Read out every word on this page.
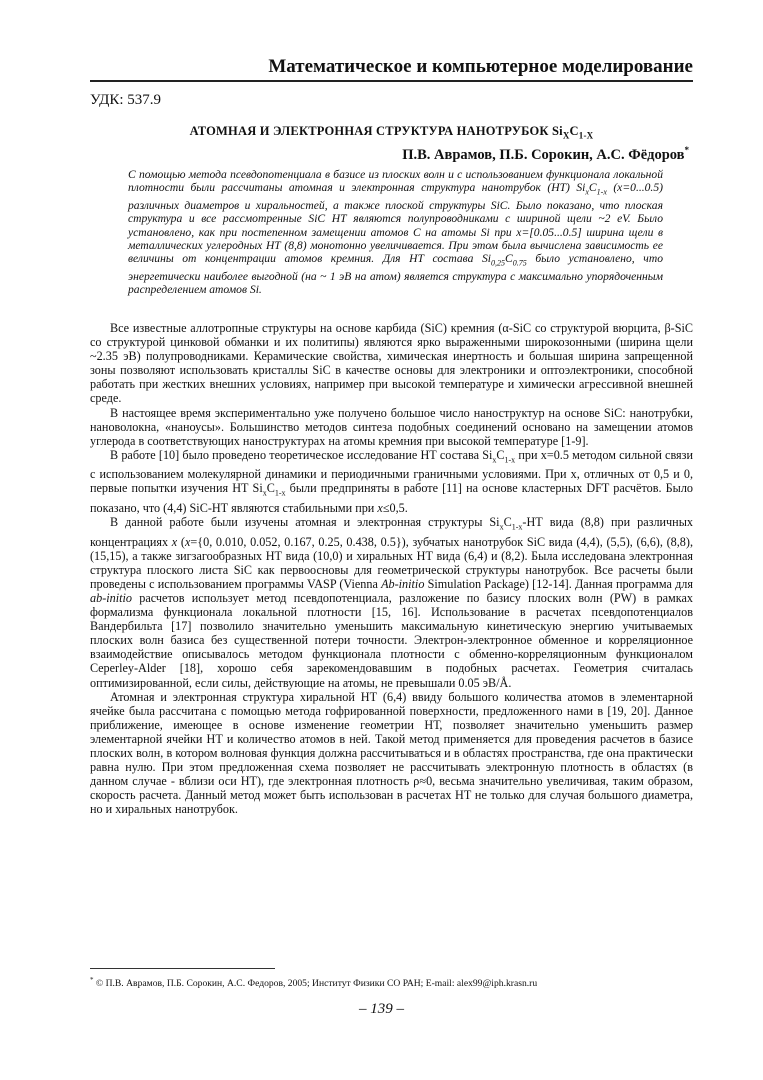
Математическое и компьютерное моделирование
УДК: 537.9
АТОМНАЯ И ЭЛЕКТРОННАЯ СТРУКТУРА НАНОТРУБОК $Si_XC_{1-X}$
П.В. Аврамов, П.Б. Сорокин, А.С. Фёдоров*
С помощью метода псевдопотенциала в базисе из плоских волн и с использованием функционала локальной плотности были рассчитаны атомная и электронная структура нанотрубок (НТ) $Si_xC_{1-x}$ (x=0...0.5) различных диаметров и хиральностей, а также плоской структуры SiC. Было показано, что плоская структура и все рассмотренные SiC НТ являются полупроводниками с шириной щели ~2 eV. Было установлено, как при постепенном замещении атомов С на атомы Si при x=[0.05...0.5] ширина щели в металлических углеродных НТ (8,8) монотонно увеличивается. При этом была вычислена зависимость ее величины от концентрации атомов кремния. Для НТ состава $Si_{0,25}C_{0.75}$ было установлено, что энергетически наиболее выгодной (на ~ 1 эВ на атом) является структура с максимально упорядоченным распределением атомов Si.

Все известные аллотропные структуры на основе карбида (SiC) кремния (α-SiC со структурой вюрцита, β-SiC со структурой цинковой обманки и их политипы) являются ярко выраженными широкозонными (ширина щели ~2.35 эВ) полупроводниками. Керамические свойства, химическая инертность и большая ширина запрещенной зоны позволяют использовать кристаллы SiC в качестве основы для электроники и оптоэлектроники, способной работать при жестких внешних условиях, например при высокой температуре и химически агрессивной внешней среде.

В настоящее время экспериментально уже получено большое число наноструктур на основе SiC: нанотрубки, нановолокна, «наноусы». Большинство методов синтеза подобных соединений основано на замещении атомов углерода в соответствующих наноструктурах на атомы кремния при высокой температуре [1-9].

В работе [10] было проведено теоретическое исследование НТ состава $Si_xC_{1-x}$ при x=0.5 методом сильной связи с использованием молекулярной динамики и периодичными граничными условиями. При x, отличных от 0,5 и 0, первые попытки изучения НТ $Si_xC_{1-x}$ были предприняты в работе [11] на основе кластерных DFT расчётов. Было показано, что (4,4) SiC-НТ являются стабильными при x≤0,5.

В данной работе были изучены атомная и электронная структуры $Si_xC_{1-x}-НТ$ вида (8,8) при различных концентрациях x (x={0, 0.010, 0.052, 0.167, 0.25, 0.438, 0.5}), зубчатых нанотрубок SiC вида (4,4), (5,5), (6,6), (8,8), (15,15), а также зигзагообразных НТ вида (10,0) и хиральных НТ вида (6,4) и (8,2). Была исследована электронная структура плоского листа SiC как первоосновы для геометрической структуры нанотрубок. Все расчеты были проведены с использованием программы VASP (Vienna Ab-initio Simulation Package) [12-14]. Данная программа для ab-initio расчетов использует метод псевдопотенциала, разложение по базису плоских волн (PW) в рамках формализма функционала локальной плотности [15, 16]. Использование в расчетах псевдопотенциалов Вандербильта [17] позволило значительно уменьшить максимальную кинетическую энергию учитываемых плоских волн базиса без существенной потери точности. Электрон-электронное обменное и корреляционное взаимодействие описывалось методом функционала плотности с обменно-корреляционным функционалом Ceperley-Alder [18], хорошо себя зарекомендовавшим в подобных расчетах. Геометрия считалась оптимизированной, если силы, действующие на атомы, не превышали 0.05 эВ/Å.

Атомная и электронная структура хиральной НТ (6,4) ввиду большого количества атомов в элементарной ячейке была рассчитана с помощью метода гофрированной поверхности, предложенного нами в [19, 20]. Данное приближение, имеющее в основе изменение геометрии НТ, позволяет значительно уменьшить размер элементарной ячейки НТ и количество атомов в ней. Такой метод применяется для проведения расчетов в базисе плоских волн, в котором волновая функция должна рассчитываться и в областях пространства, где она практически равна нулю. При этом предложенная схема позволяет не рассчитывать электронную плотность в областях (в данном случае - вблизи оси НТ), где электронная плотность ρ≈0, весьма значительно увеличивая, таким образом, скорость расчета. Данный метод может быть использован в расчетах НТ не только для случая большого диаметра, но и хиральных нанотрубок.

* © П.В. Аврамов, П.Б. Сорокин, А.С. Федоров, 2005; Институт Физики СО РАН; E-mail: alex99@iph.krasn.ru
– 139 –
